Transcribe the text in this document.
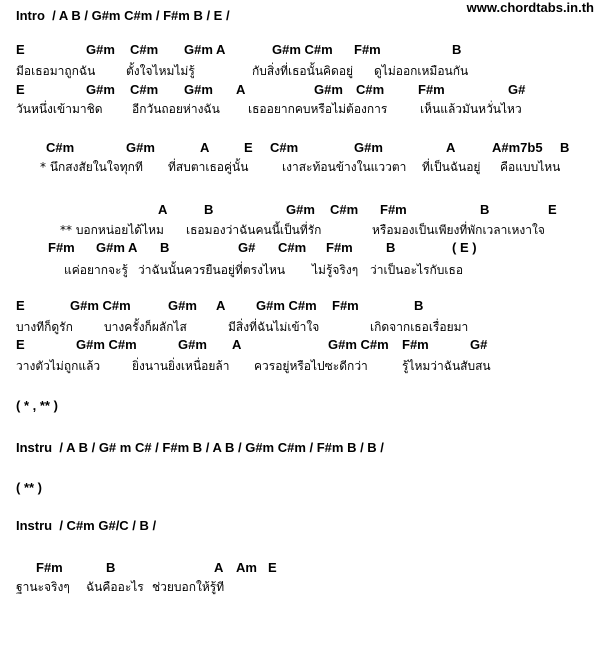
www.chordtabs.in.th
Intro  / A B / G#m C#m / F#m B / E /

E

	G#m

C#m

G#m A

	G#m C#m

F#m

	B

มีอเธอมาถูกฉัน

	ตั้งใจไหมไม่รู้

	กับสิ่งที่เธอนั้นคิดอยู่

ดูไม่ออกเหมือนกัน

E

	G#m

C#m

G#m

A

	G#m

C#m

	F#m

	G#

วันหนึ่งเข้ามาชิด

อีกวันถอยห่างฉัน

เธออยากคบหรือไม่ต้องการ

	เห็นแล้วมันหวั่นไหว

C#m

	G#m

	A

	E

C#m

	G#m

	A

	A#m7b5

B

* นึกสงสัยในใจทุกที

ที่สบตาเธอคู่นั้น

	เงาสะท้อนข้างในแววตา

ที่เป็นฉันอยู่

คือแบบไหน

A

	B

	G#m

C#m

F#m

	B

	E

** บอกหน่อยได้ไหม

เธอมองว่าฉันคนนี้เป็นที่รัก

	หรือมองเป็นเพียงที่พักเวลาเหงาใจ

F#m

G#m A

B

	G#

C#m

F#m

	B

	( E )

แค่อยากจะรู้

ว่าฉันนั้นควรยืนอยู่ที่ตรงไหน

ไม่รู้จริงๆ

ว่าเป็นอะไรกับเธอ

E

	G#m C#m

	G#m

A

G#m C#m

F#m

	B

บางทีก็ดูรัก

	บางครั้งก็ผลักไส

	มีสิ่งที่ฉันไม่เข้าใจ

	เกิดจากเธอเรื่อยมา

E

	G#m C#m

	G#m

A

	G#m C#m

F#m

	G#

วางตัวไม่ถูกแล้ว

	ยิ่งนานยิ่งเหนื่อยล้า

ควรอยู่หรือไปซะดีกว่า

	รู้ไหมว่าฉันสับสน

( * , ** )
Instru  / A B / G# m C# / F#m B / A B / G#m C#m / F#m B / B /
( ** )
Instru  / C#m G#/C / B /

F#m

	B

	A

Am

E

ฐานะจริงๆ

ฉันคืออะไร

ช่วยบอกให้รู้ที
